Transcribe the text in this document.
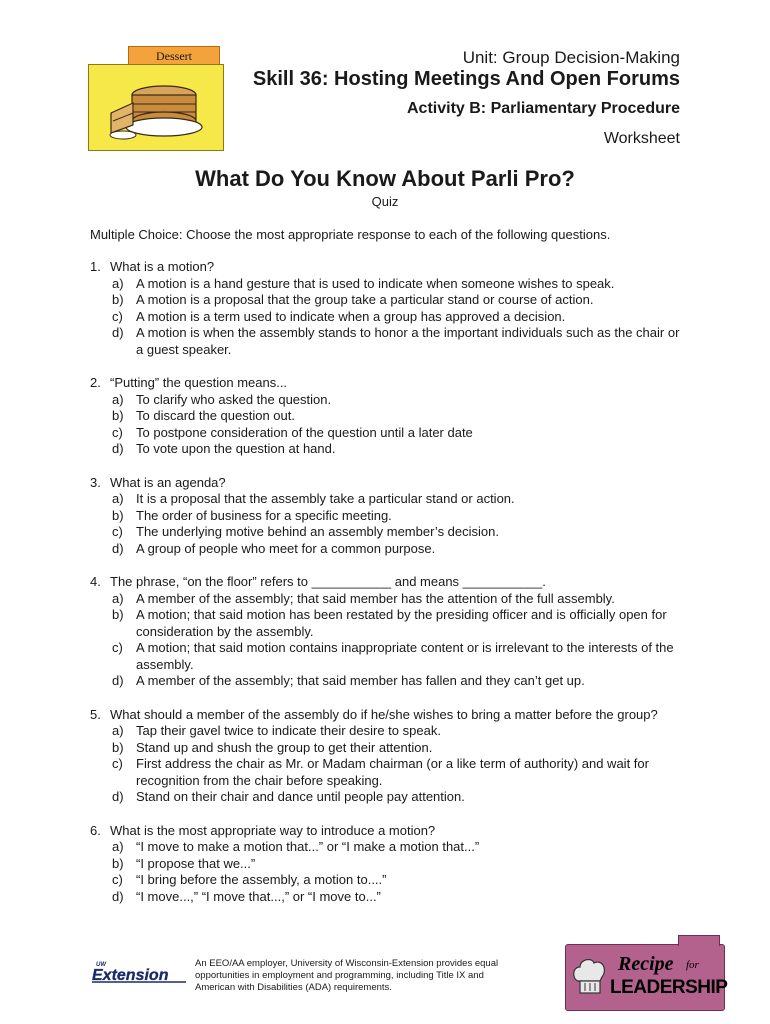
Dessert	Unit: Group Decision-Making
Skill 36: Hosting Meetings And Open Forums
Activity B: Parliamentary Procedure
Worksheet
What Do You Know About Parli Pro?
Quiz
Multiple Choice: Choose the most appropriate response to each of the following questions.
1. What is a motion?
a) A motion is a hand gesture that is used to indicate when someone wishes to speak.
b) A motion is a proposal that the group take a particular stand or course of action.
c)	A motion is a term used to indicate when a group has approved a decision.
d) A motion is when the assembly stands to honor a the important individuals such as the chair or a guest speaker.
2. “Putting” the question means...
a) To clarify who asked the question.
b) To discard the question out.
c)	To postpone consideration of the question until a later date
d) To vote upon the question at hand.
3. What is an agenda?
a) It is a proposal that the assembly take a particular stand or action.
b) The order of business for a specific meeting.
c)	The underlying motive behind an assembly member’s decision.
d) A group of people who meet for a common purpose.
4. The phrase, “on the floor” refers to ___________ and means ___________.
a) A member of the assembly; that said member has the attention of the full assembly.
b) A motion; that said motion has been restated by the presiding officer and is officially open for consideration by the assembly.
c)	A motion; that said motion contains inappropriate content or is irrelevant to the interests of the assembly.
d) A member of the assembly; that said member has fallen and they can’t get up.
5. What should a member of the assembly do if he/she wishes to bring a matter before the group?
a) Tap their gavel twice to indicate their desire to speak.
b) Stand up and shush the group to get their attention.
c)	First address the chair as Mr. or Madam chairman (or a like term of authority) and wait for recognition from the chair before speaking.
d) Stand on their chair and dance until people pay attention.
6. What is the most appropriate way to introduce a motion?
a) “I move to make a motion that...” or “I make a motion that...”
b) “I propose that we...”
c)	“I bring before the assembly, a motion to....”
d) “I move...,” “I move that...,” or “I move to...”
UW
Extension
An EEO/AA employer, University of Wisconsin-Extension provides equal opportunities in employment and programming, including Title IX and American with Disabilities (ADA) requirements.
Recipe for
LEADERSHIP
